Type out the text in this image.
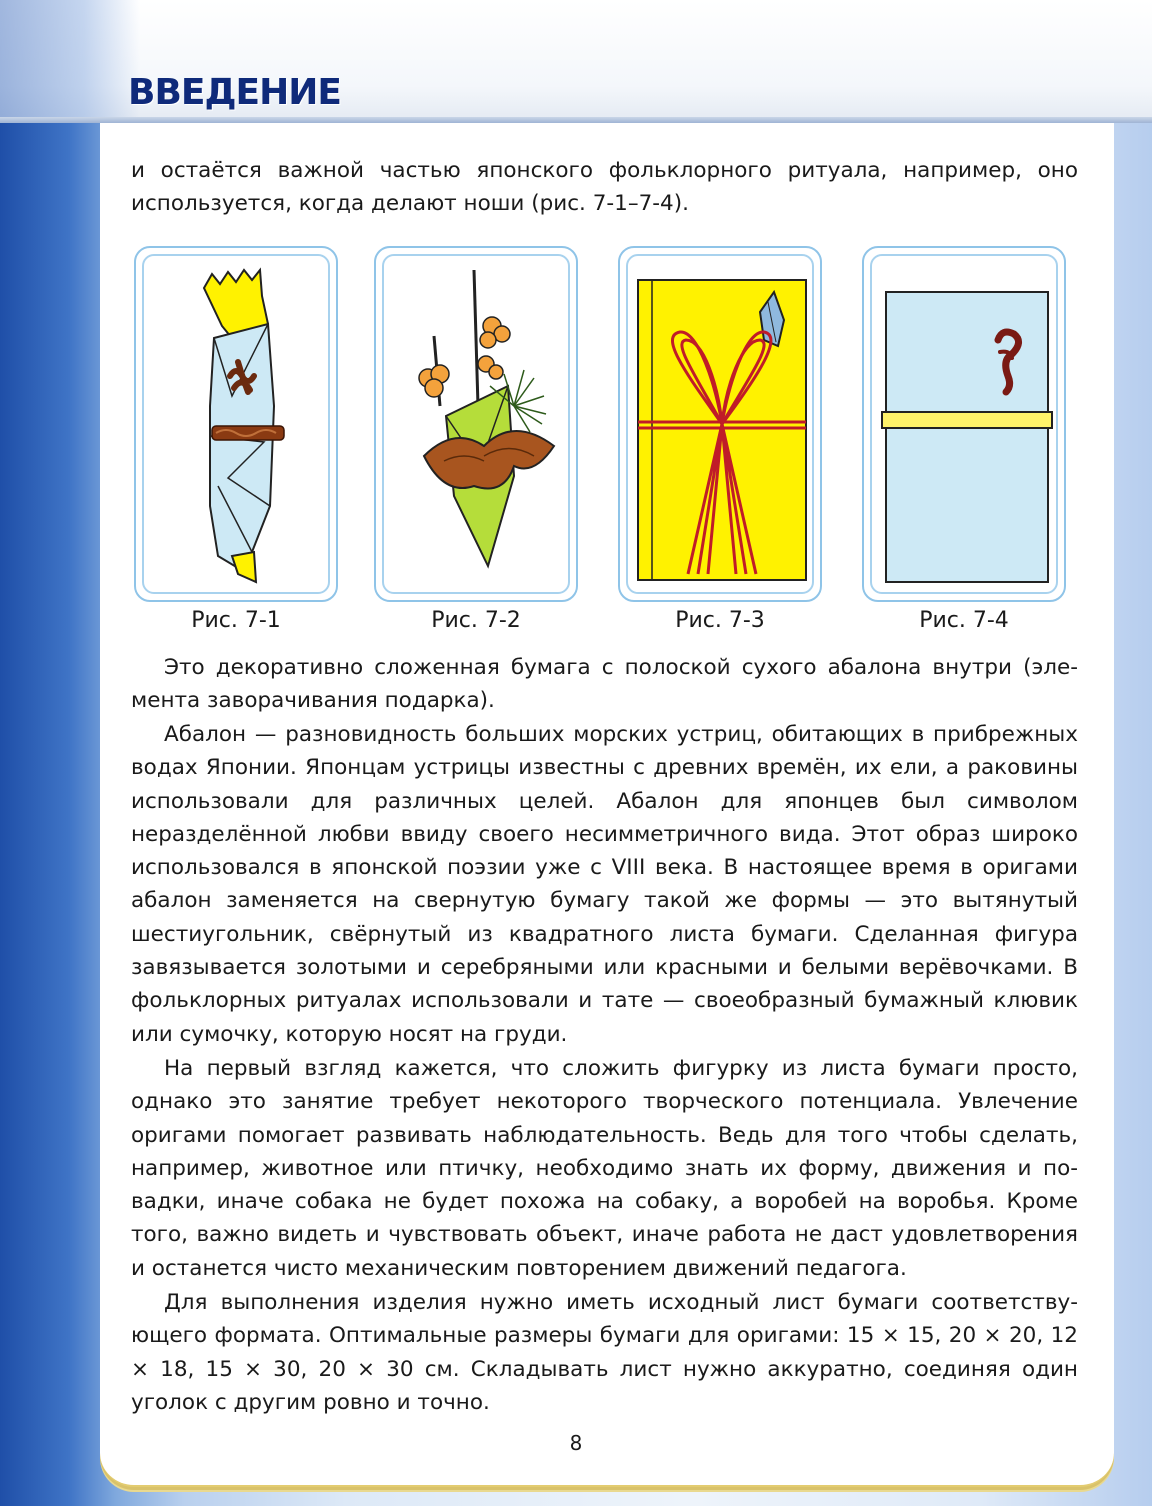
ВВЕДЕНИЕ

и остаётся важной частью японского фольклорного ритуала, например, оно используется, когда делают ноши (рис. 7-1–7-4).

Рис. 7-1	Рис. 7-2	Рис. 7-3	Рис. 7-4

Это декоративно сложенная бумага с полоской сухого абалона внутри (элемента заворачивания подарка).

Абалон — разновидность больших морских устриц, обитающих в прибрежных водах Японии. Японцам устрицы известны с древних времён, их ели, а раковины использовали для различных целей. Абалон для японцев был символом неразделённой любви ввиду своего несимметричного вида. Этот образ широко использовался в японской поэзии уже с VIII века. В настоящее время в оригами абалон заменяется на свернутую бумагу такой же формы — это вытянутый шестиугольник, свёрнутый из квадратного листа бумаги. Сделанная фигура завязывается золотыми и серебряными или красными и белыми верёвочками. В фольклорных ритуалах использовали и тате — своеобразный бумажный клювик или сумочку, которую носят на груди.

На первый взгляд кажется, что сложить фигурку из листа бумаги просто, однако это занятие требует некоторого творческого потенциала. Увлечение оригами помогает развивать наблюдательность. Ведь для того чтобы сделать, например, животное или птичку, необходимо знать их форму, движения и повадки, иначе собака не будет похожа на собаку, а воробей на воробья. Кроме того, важно видеть и чувствовать объект, иначе работа не даст удовлетворения и останется чисто механическим повторением движений педагога.

Для выполнения изделия нужно иметь исходный лист бумаги соответствующего формата. Оптимальные размеры бумаги для оригами: 15 × 15, 20 × 20, 12 × 18, 15 × 30, 20 × 30 см. Складывать лист нужно аккуратно, соединяя один уголок с другим ровно и точно.

8
